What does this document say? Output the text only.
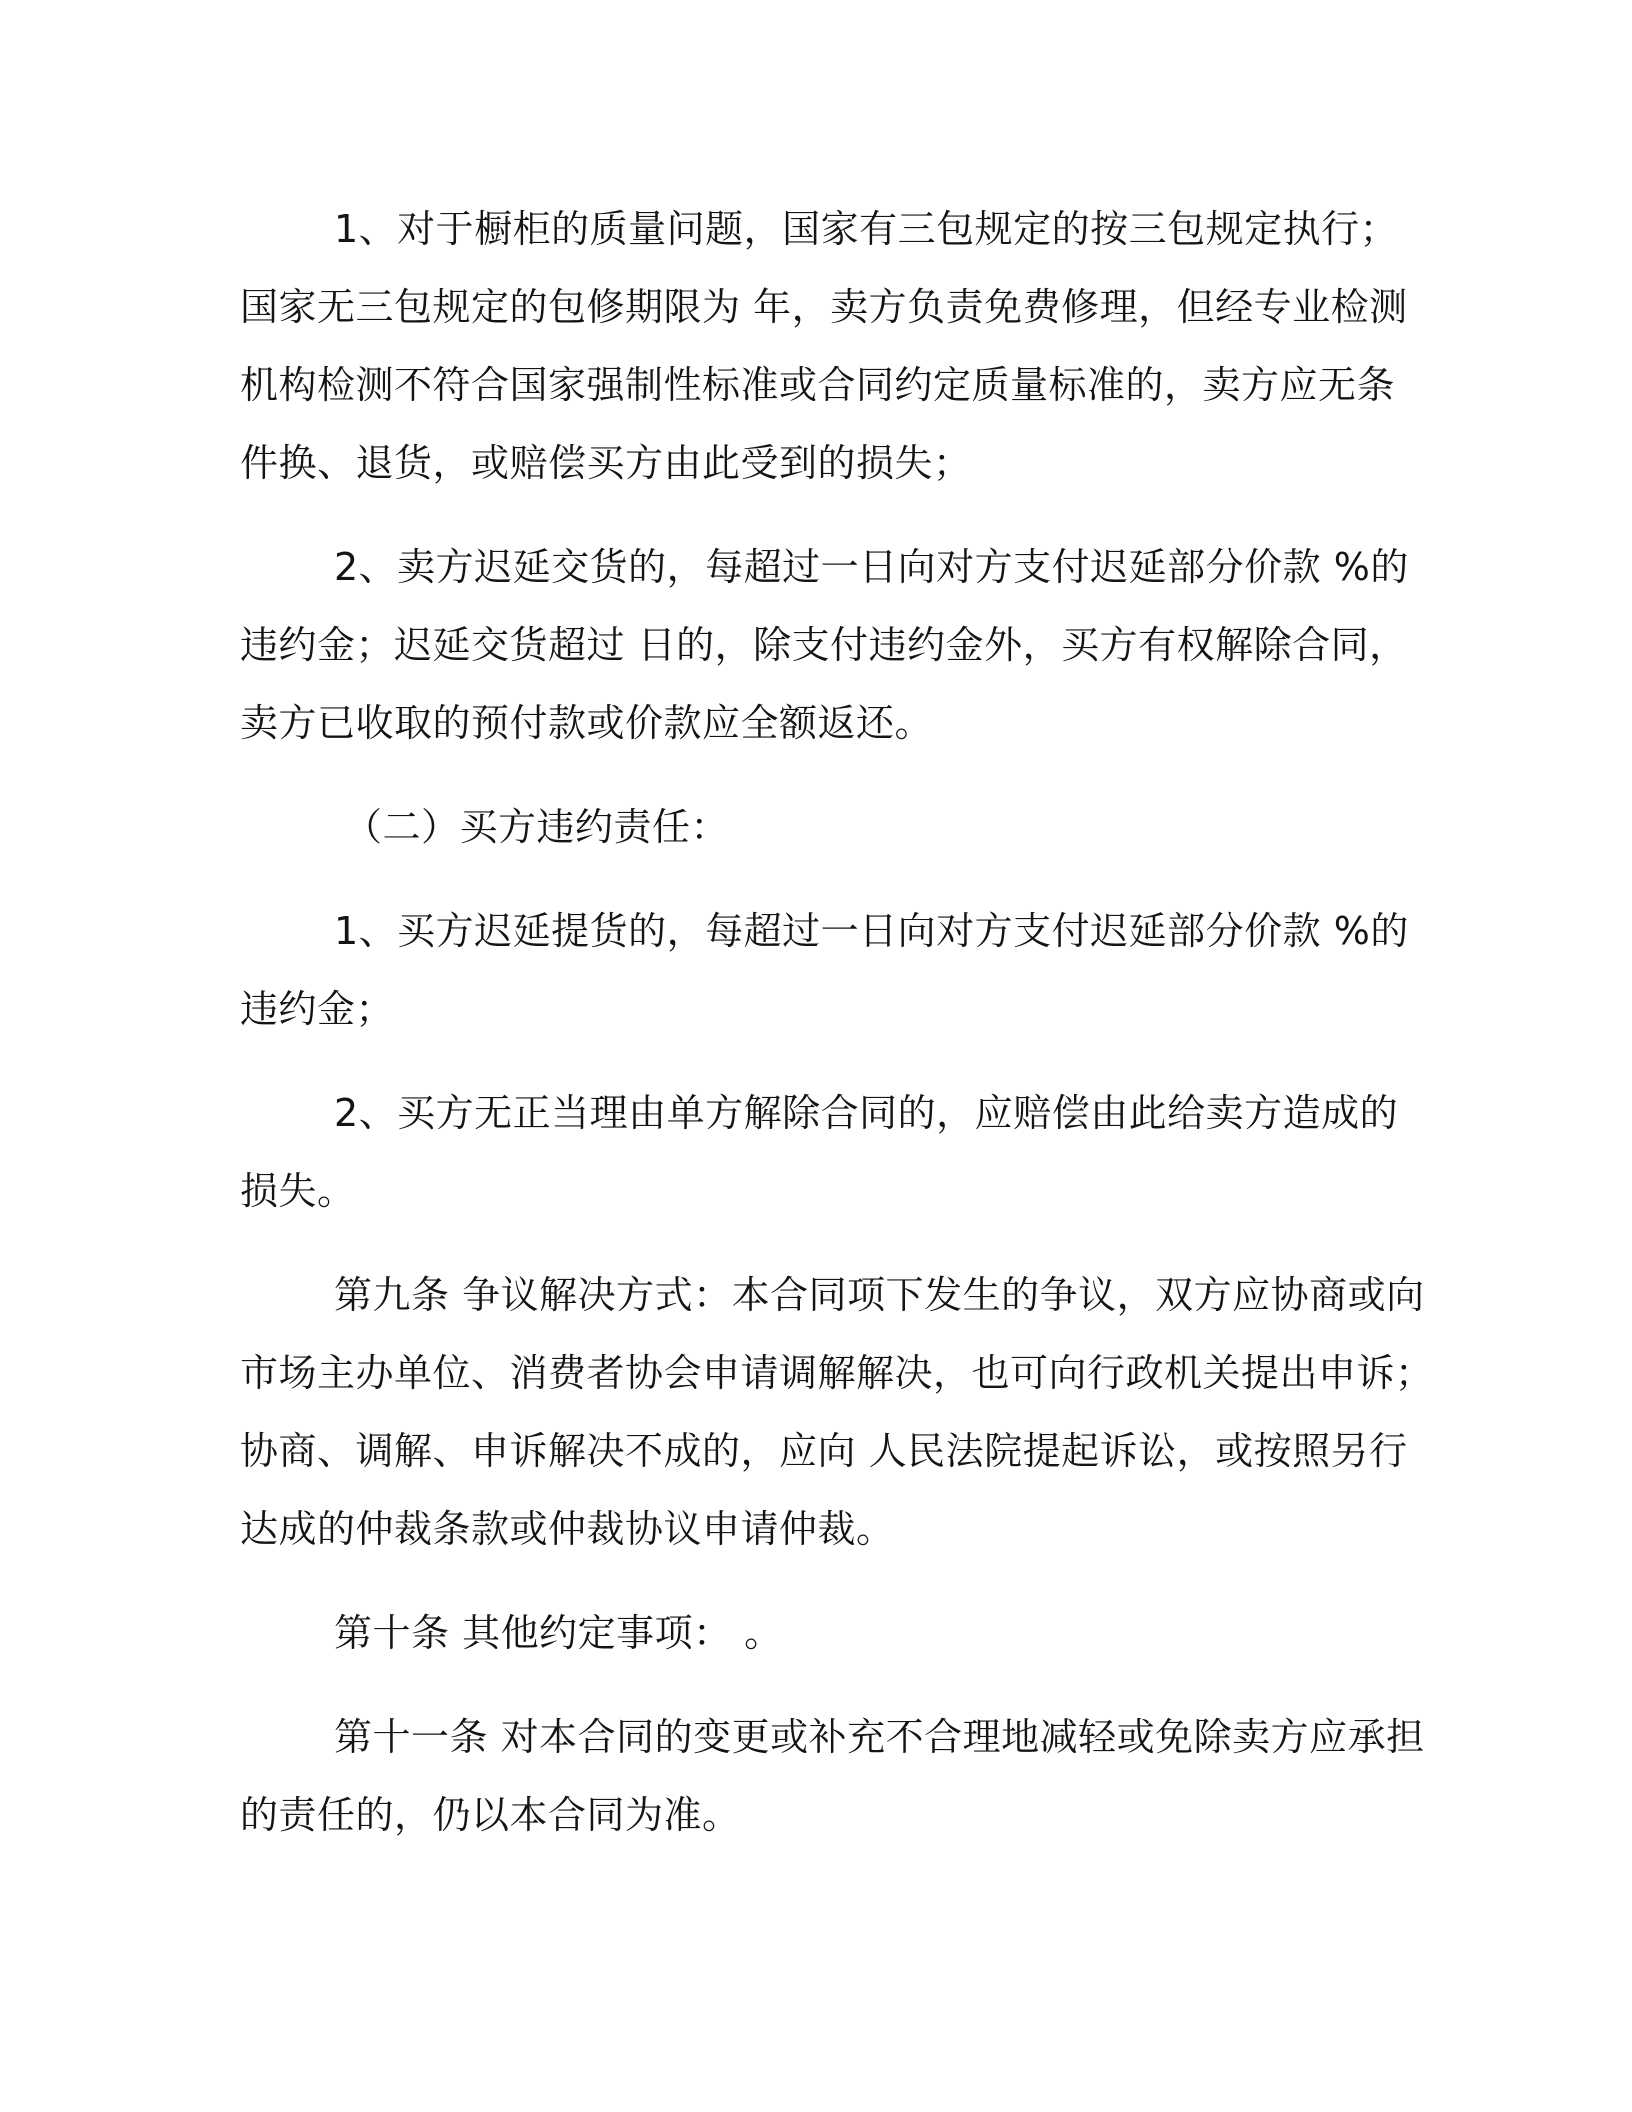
1、对于橱柜的质量问题，国家有三包规定的按三包规定执行；
国家无三包规定的包修期限为 年，卖方负责免费修理，但经专业检测
机构检测不符合国家强制性标准或合同约定质量标准的，卖方应无条
件换、退货，或赔偿买方由此受到的损失；

2、卖方迟延交货的，每超过一日向对方支付迟延部分价款 %的
违约金；迟延交货超过 日的，除支付违约金外，买方有权解除合同，
卖方已收取的预付款或价款应全额返还。

（二）买方违约责任：

1、买方迟延提货的，每超过一日向对方支付迟延部分价款 %的
违约金；

2、买方无正当理由单方解除合同的，应赔偿由此给卖方造成的
损失。

第九条 争议解决方式：本合同项下发生的争议，双方应协商或向
市场主办单位、消费者协会申请调解解决，也可向行政机关提出申诉；
协商、调解、申诉解决不成的，应向 人民法院提起诉讼，或按照另行
达成的仲裁条款或仲裁协议申请仲裁。

第十条 其他约定事项： 。

第十一条 对本合同的变更或补充不合理地减轻或免除卖方应承担
的责任的，仍以本合同为准。
